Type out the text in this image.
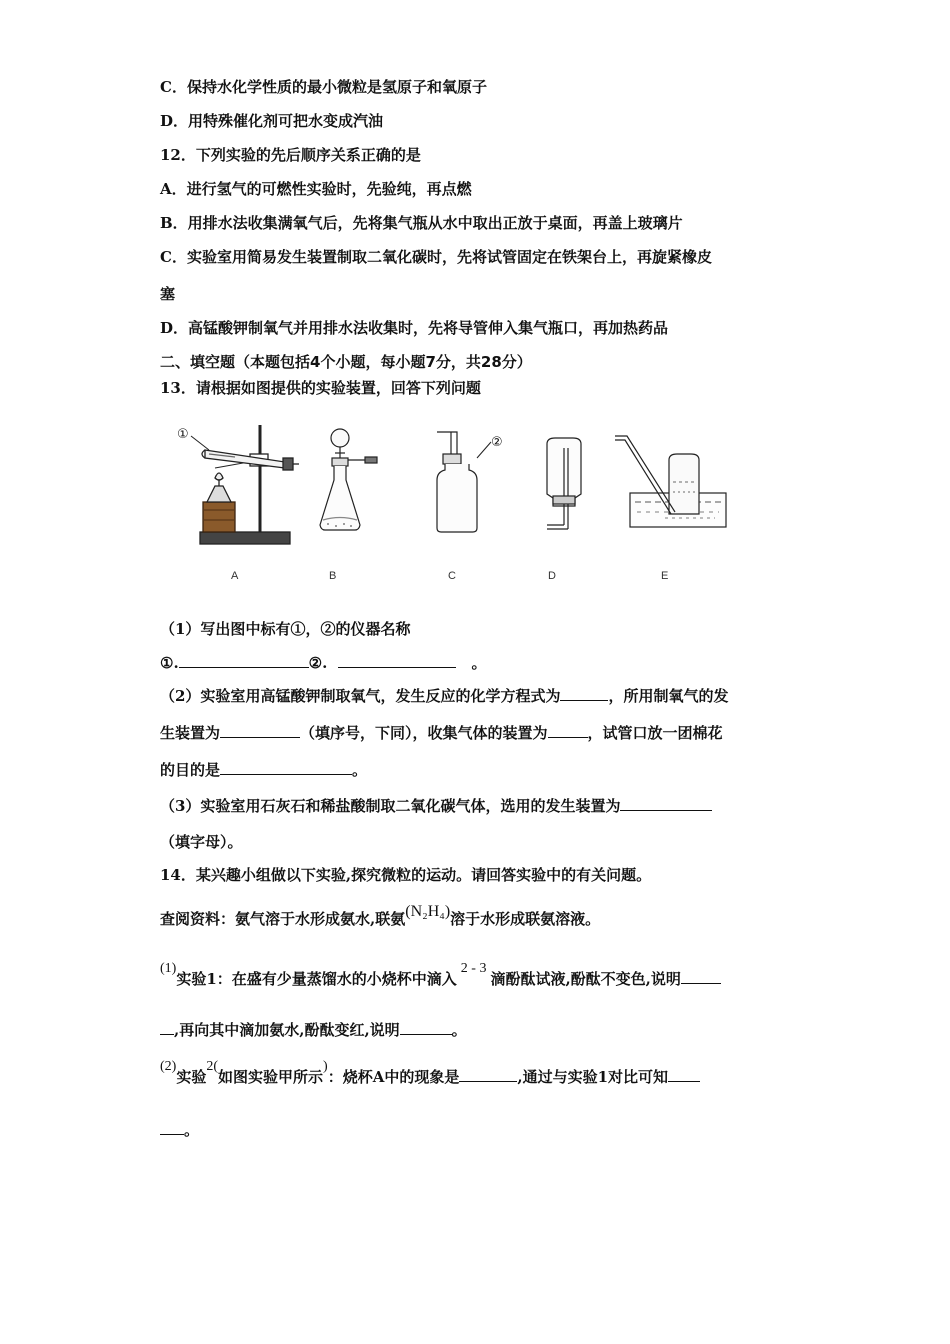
C．保持水化学性质的最小微粒是氢原子和氧原子
D．用特殊催化剂可把水变成汽油
12．下列实验的先后顺序关系正确的是
A．进行氢气的可燃性实验时，先验纯，再点燃
B．用排水法收集满氧气后，先将集气瓶从水中取出正放于桌面，再盖上玻璃片
C．实验室用简易发生装置制取二氧化碳时，先将试管固定在铁架台上，再旋紧橡皮
塞
D．高锰酸钾制氧气并用排水法收集时，先将导管伸入集气瓶口，再加热药品
二、填空题（本题包括4个小题，每小题7分，共28分）
13．请根据如图提供的实验装置，回答下列问题
①
②
A	B	C	D	E
（1）写出图中标有①，②的仪器名称
①.	②.	。
（2）实验室用高锰酸钾制取氧气，发生反应的化学方程式为	，所用制氧气的发
生装置为	（填序号，下同），收集气体的装置为	，试管口放一团棉花
的目的是	。
（3）实验室用石灰石和稀盐酸制取二氧化碳气体，选用的发生装置为
（填字母）。
14．某兴趣小组做以下实验,探究微粒的运动。请回答实验中的有关问题。
查阅资料：氨气溶于水形成氨水,联氨(N₂H₄)溶于水形成联氨溶液。
(1)实验1：在盛有少量蒸馏水的小烧杯中滴入2 - 3滴酚酞试液,酚酞不变色,说明
,再向其中滴加氨水,酚酞变红,说明	。
(2)实验2(如图实验甲所示)：烧杯A中的现象是	,通过与实验1对比可知
。
